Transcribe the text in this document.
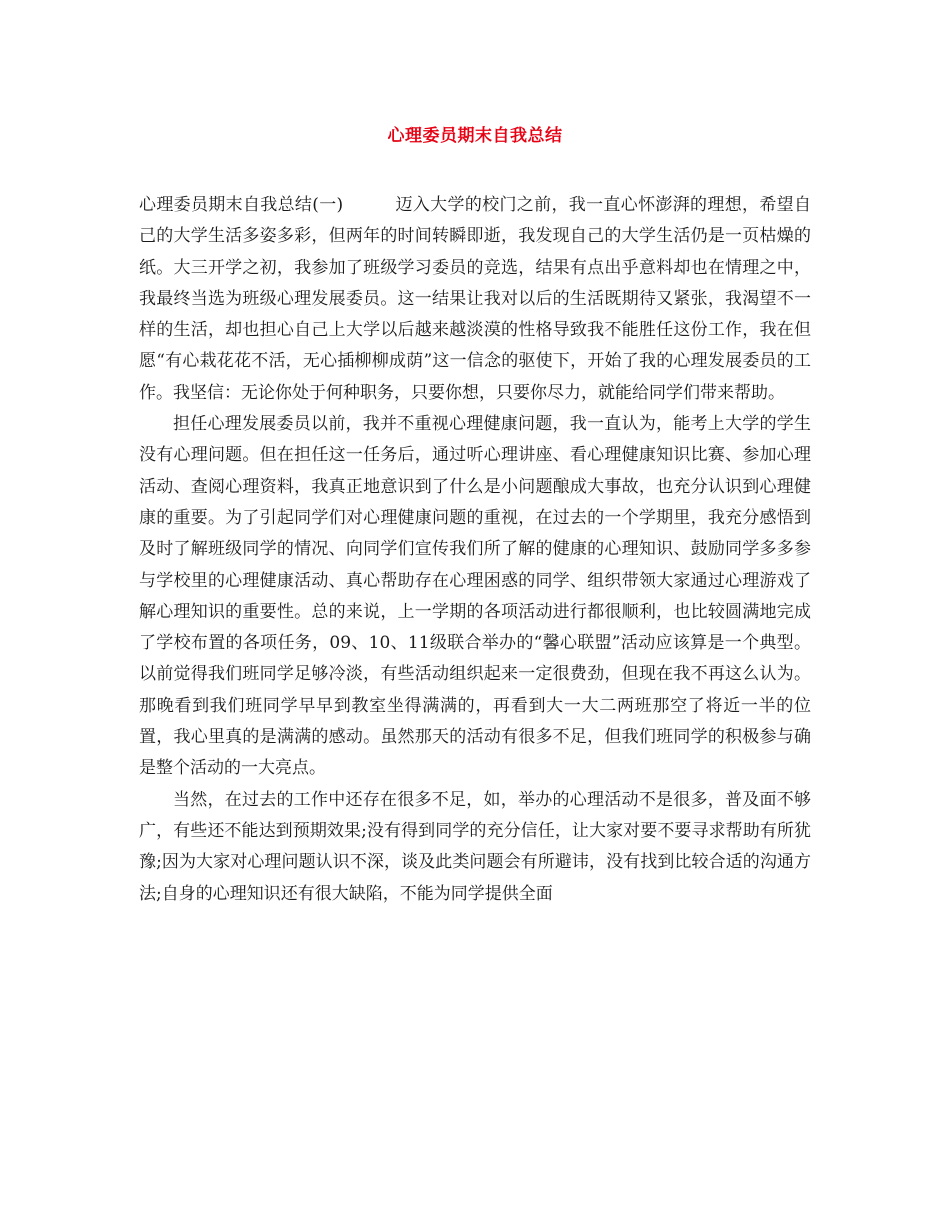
心理委员期末自我总结

心理委员期末自我总结(一)	迈入大学的校门之前，我一直心怀澎湃的理想，希望自己的大学生活多姿多彩，但两年的时间转瞬即逝，我发现自己的大学生活仍是一页枯燥的纸。大三开学之初，我参加了班级学习委员的竞选，结果有点出乎意料却也在情理之中，我最终当选为班级心理发展委员。这一结果让我对以后的生活既期待又紧张，我渴望不一样的生活，却也担心自己上大学以后越来越淡漠的性格导致我不能胜任这份工作，我在但愿“有心栽花花不活，无心插柳柳成荫”这一信念的驱使下，开始了我的心理发展委员的工作。我坚信：无论你处于何种职务，只要你想，只要你尽力，就能给同学们带来帮助。

担任心理发展委员以前，我并不重视心理健康问题，我一直认为，能考上大学的学生没有心理问题。但在担任这一任务后，通过听心理讲座、看心理健康知识比赛、参加心理活动、查阅心理资料，我真正地意识到了什么是小问题酿成大事故，也充分认识到心理健康的重要。为了引起同学们对心理健康问题的重视，在过去的一个学期里，我充分感悟到及时了解班级同学的情况、向同学们宣传我们所了解的健康的心理知识、鼓励同学多多参与学校里的心理健康活动、真心帮助存在心理困惑的同学、组织带领大家通过心理游戏了解心理知识的重要性。总的来说，上一学期的各项活动进行都很顺利，也比较圆满地完成了学校布置的各项任务，09、10、11级联合举办的“馨心联盟”活动应该算是一个典型。以前觉得我们班同学足够冷淡，有些活动组织起来一定很费劲，但现在我不再这么认为。那晚看到我们班同学早早到教室坐得满满的，再看到大一大二两班那空了将近一半的位置，我心里真的是满满的感动。虽然那天的活动有很多不足，但我们班同学的积极参与确是整个活动的一大亮点。

当然，在过去的工作中还存在很多不足，如，举办的心理活动不是很多，普及面不够广，有些还不能达到预期效果;没有得到同学的充分信任，让大家对要不要寻求帮助有所犹豫;因为大家对心理问题认识不深，谈及此类问题会有所避讳，没有找到比较合适的沟通方法;自身的心理知识还有很大缺陷，不能为同学提供全面
